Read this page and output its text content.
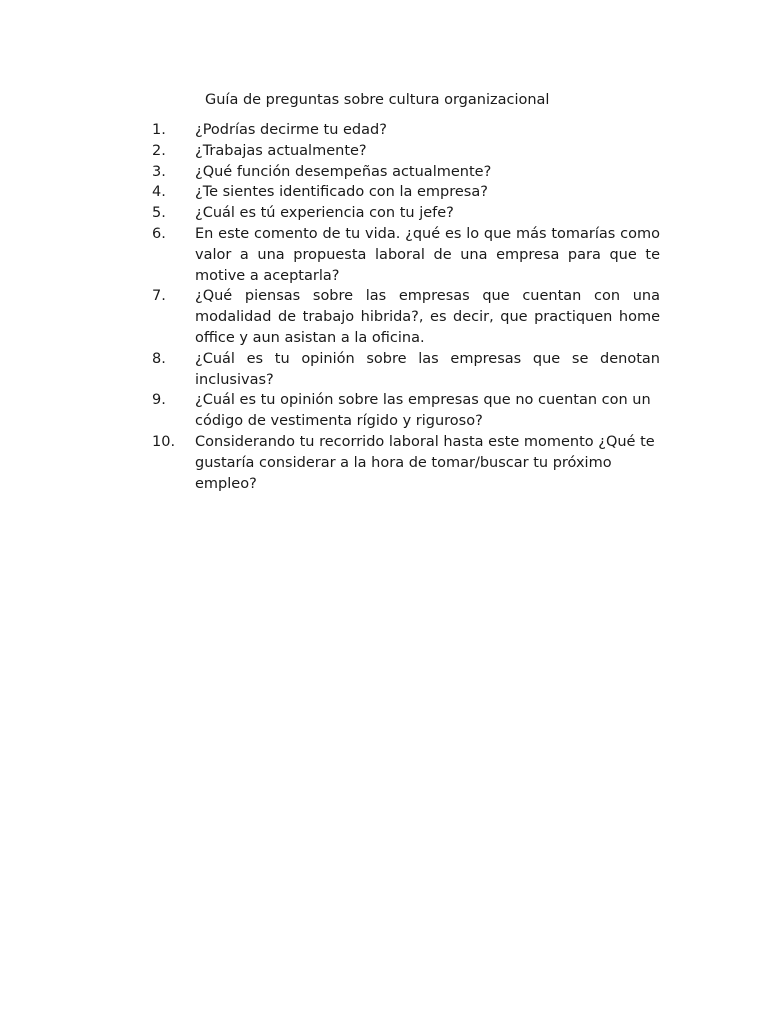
Guía de preguntas sobre cultura organizacional
1.	¿Podrías decirme tu edad?
2.	¿Trabajas actualmente?
3.	¿Qué función desempeñas actualmente?
4.	¿Te sientes identificado con la empresa?
5.	¿Cuál es tú experiencia con tu jefe?
6.	En este comento de tu vida. ¿qué es lo que más tomarías como valor a una propuesta laboral de una empresa para que te motive a aceptarla?
7.	¿Qué piensas sobre las empresas que cuentan con una modalidad de trabajo hibrida?, es decir, que practiquen home office y aun asistan a la oficina.
8.	¿Cuál es tu opinión sobre las empresas que se denotan inclusivas?
9.	¿Cuál es tu opinión sobre las empresas que no cuentan con un código de vestimenta rígido y riguroso?
10.	Considerando tu recorrido laboral hasta este momento ¿Qué te gustaría considerar a la hora de tomar/buscar tu próximo empleo?
